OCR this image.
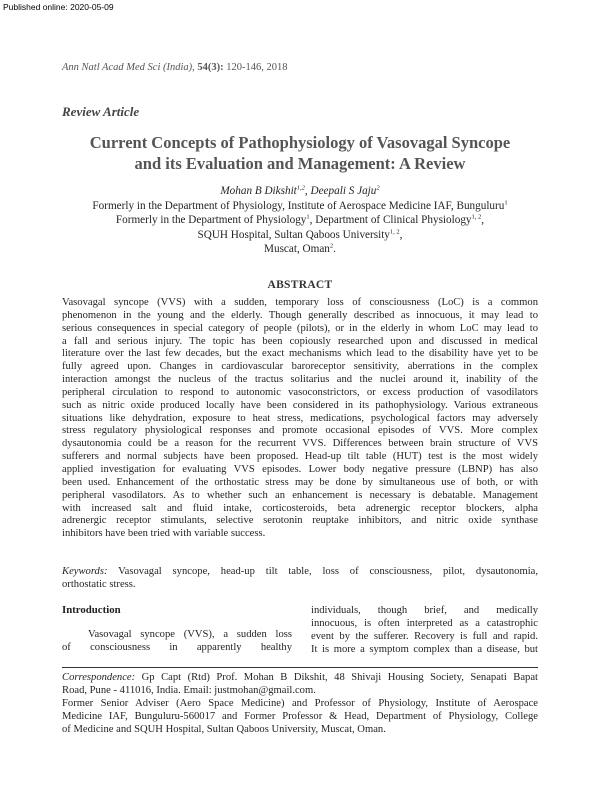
Published online: 2020-05-09
Ann Natl Acad Med Sci (India), 54(3): 120-146, 2018
Review Article
Current Concepts of Pathophysiology of Vasovagal Syncope
and its Evaluation and Management: A Review
Mohan B Dikshit$^{1,2}$, Deepali S Jaju$^2$
Formerly in the Department of Physiology, Institute of Aerospace Medicine IAF, Bunguluru$^1$
Formerly in the Department of Physiology$^1$, Department of Clinical Physiology$^{1, 2}$,
SQUH Hospital, Sultan Qaboos University$^{1, 2}$,
Muscat, Oman$^2$.
ABSTRACT
Vasovagal syncope (VVS) with a sudden, temporary loss of consciousness (LoC) is a common
phenomenon in the young and the elderly. Though generally described as innocuous, it may lead to
serious consequences in special category of people (pilots), or in the elderly in whom LoC may lead to
a fall and serious injury. The topic has been copiously researched upon and discussed in medical
literature over the last few decades, but the exact mechanisms which lead to the disability have yet to be
fully agreed upon. Changes in cardiovascular baroreceptor sensitivity, aberrations in the complex
interaction amongst the nucleus of the tractus solitarius and the nuclei around it, inability of the
peripheral circulation to respond to autonomic vasoconstrictors, or excess production of vasodilators
such as nitric oxide produced locally have been considered in its pathophysiology. Various extraneous
situations like dehydration, exposure to heat stress, medications, psychological factors may adversely
stress regulatory physiological responses and promote occasional episodes of VVS. More complex
dysautonomia could be a reason for the recurrent VVS. Differences between brain structure of VVS
sufferers and normal subjects have been proposed. Head-up tilt table (HUT) test is the most widely
applied investigation for evaluating VVS episodes. Lower body negative pressure (LBNP) has also
been used. Enhancement of the orthostatic stress may be done by simultaneous use of both, or with
peripheral vasodilators. As to whether such an enhancement is necessary is debatable. Management
with increased salt and fluid intake, corticosteroids, beta adrenergic receptor blockers, alpha
adrenergic receptor stimulants, selective serotonin reuptake inhibitors, and nitric oxide synthase
inhibitors have been tried with variable success.
Keywords: Vasovagal syncope, head-up tilt table, loss of consciousness, pilot, dysautonomia,
orthostatic stress.
Introduction
Vasovagal syncope (VVS), a sudden loss
of consciousness in apparently healthy
individuals, though brief, and medically
innocuous, is often interpreted as a catastrophic
event by the sufferer. Recovery is full and rapid.
It is more a symptom complex than a disease, but
Correspondence: Gp Capt (Rtd) Prof. Mohan B Dikshit, 48 Shivaji Housing Society, Senapati Bapat
Road, Pune - 411016, India. Email: justmohan@gmail.com.
Former Senior Adviser (Aero Space Medicine) and Professor of Physiology, Institute of Aerospace
Medicine IAF, Bunguluru-560017 and Former Professor & Head, Department of Physiology, College
of Medicine and SQUH Hospital, Sultan Qaboos University, Muscat, Oman.
